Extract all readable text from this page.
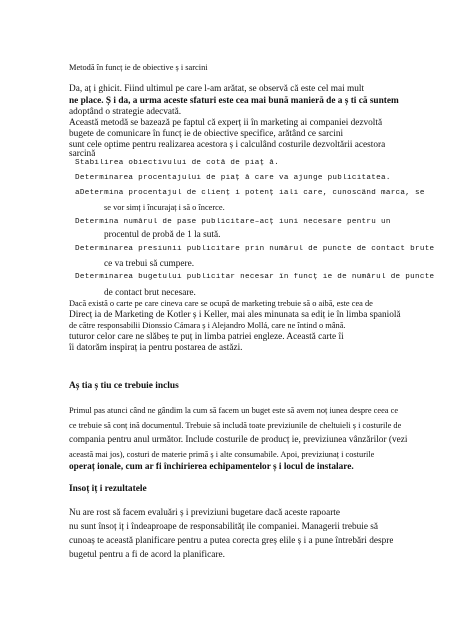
Metodă în funcț ie de obiective ș i sarcini
Da, aț i ghicit. Fiind ultimul pe care l-am arătat, se observă că este cel mai mult
ne place. Ș i da, a urma aceste sfaturi este cea mai bună manieră de a ș ti că suntem
adoptând o strategie adecvată.
Această metodă se bazează pe faptul că experț ii în marketing ai companiei dezvoltă
bugete de comunicare în funcț ie de obiective specifice, arătând ce sarcini
sunt cele optime pentru realizarea acestora ș i calculând costurile dezvoltării acestora
sarcină
Stabilirea obiectivului de cotă de piaț ă.
Determinarea procentajului de piaț ă care va ajunge publicitatea.
aDetermina procentajul de clienț i potenț iali care, cunoscând marca, se
se vor simț i încurajaț i să o încerce.
Determina numărul de pase publicitare–acț iuni necesare pentru un
procentul de probă de 1 la sută.
Determinarea presiunii publicitare prin numărul de puncte de contact brute
ce va trebui să cumpere.
Determinarea bugetului publicitar necesar în funcț ie de numărul de puncte
de contact brut necesare.
Dacă există o carte pe care cineva care se ocupă de marketing trebuie să o aibă, este cea de
Direcț ia de Marketing de Kotler ș i Keller, mai ales minunata sa ediț ie în limba spaniolă
de către responsabilii Dionssio Cámara ș i Alejandro Mollá, care ne întind o mână.
tuturor celor care ne slăbeș te puț in limba patriei engleze. Această carte îi
îi datorăm inspiraț ia pentru postarea de astăzi.
Aș tia ș tiu ce trebuie inclus
Primul pas atunci când ne gândim la cum să facem un buget este să avem noț iunea despre ceea ce
ce trebuie să conț ină documentul. Trebuie să includă toate previziunile de cheltuieli ș i costurile de
compania pentru anul următor. Include costurile de producț ie, previziunea vânzărilor (vezi
această mai jos), costuri de materie primă ș i alte consumabile. Apoi, previziunaț i costurile
operaț ionale, cum ar fi închirierea echipamentelor ș i locul de instalare.
Însoț iț i rezultatele
Nu are rost să facem evaluări ș i previziuni bugetare dacă aceste rapoarte
nu sunt însoț iț i îndeaproape de responsabilităț ile companiei. Managerii trebuie să
cunoaș te această planificare pentru a putea corecta greș elile ș i a pune întrebări despre
bugetul pentru a fi de acord la planificare.
